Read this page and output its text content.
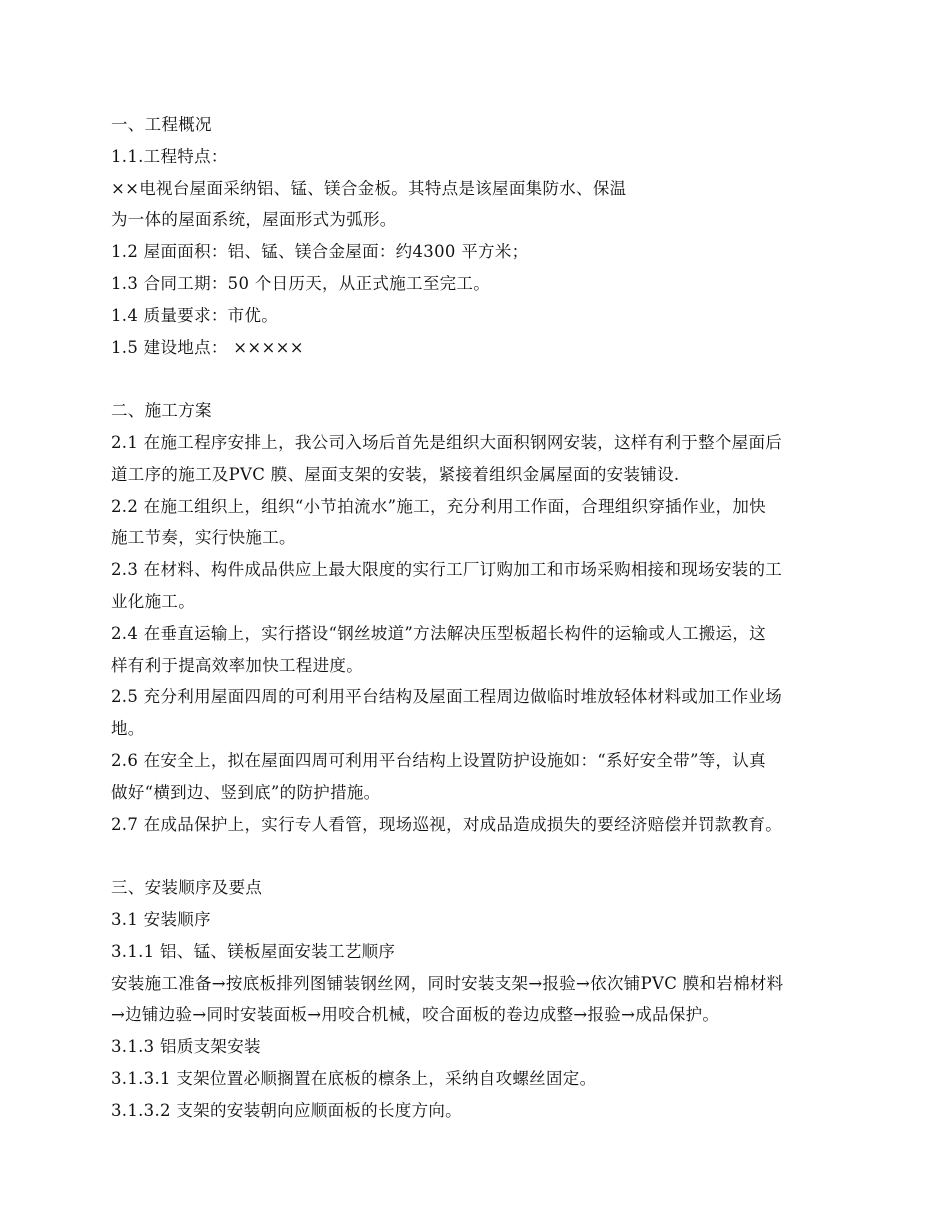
一、工程概况
1.1.工程特点：
××电视台屋面采纳铝、锰、镁合金板。其特点是该屋面集防水、保温
为一体的屋面系统，屋面形式为弧形。
1.2 屋面面积：铝、锰、镁合金屋面：约4300 平方米；
1.3 合同工期：50 个日历天，从正式施工至完工。
1.4 质量要求：市优。
1.5 建设地点： ×××××
二、施工方案
2.1 在施工程序安排上，我公司入场后首先是组织大面积钢网安装，这样有利于整个屋面后
道工序的施工及PVC 膜、屋面支架的安装，紧接着组织金属屋面的安装铺设.
2.2 在施工组织上，组织“小节拍流水”施工，充分利用工作面，合理组织穿插作业，加快
施工节奏，实行快施工。
2.3 在材料、构件成品供应上最大限度的实行工厂订购加工和市场采购相接和现场安装的工
业化施工。
2.4 在垂直运输上，实行搭设“钢丝坡道”方法解决压型板超长构件的运输或人工搬运，这
样有利于提高效率加快工程进度。
2.5 充分利用屋面四周的可利用平台结构及屋面工程周边做临时堆放轻体材料或加工作业场
地。
2.6 在安全上，拟在屋面四周可利用平台结构上设置防护设施如：“系好安全带”等，认真
做好“横到边、竖到底”的防护措施。
2.7 在成品保护上，实行专人看管，现场巡视，对成品造成损失的要经济赔偿并罚款教育。
三、安装顺序及要点
3.1 安装顺序
3.1.1 铝、锰、镁板屋面安装工艺顺序
安装施工准备→按底板排列图铺装钢丝网，同时安装支架→报验→依次铺PVC 膜和岩棉材料
→边铺边验→同时安装面板→用咬合机械，咬合面板的卷边成整→报验→成品保护。
3.1.3 铝质支架安装
3.1.3.1 支架位置必顺搁置在底板的檩条上，采纳自攻螺丝固定。
3.1.3.2 支架的安装朝向应顺面板的长度方向。
